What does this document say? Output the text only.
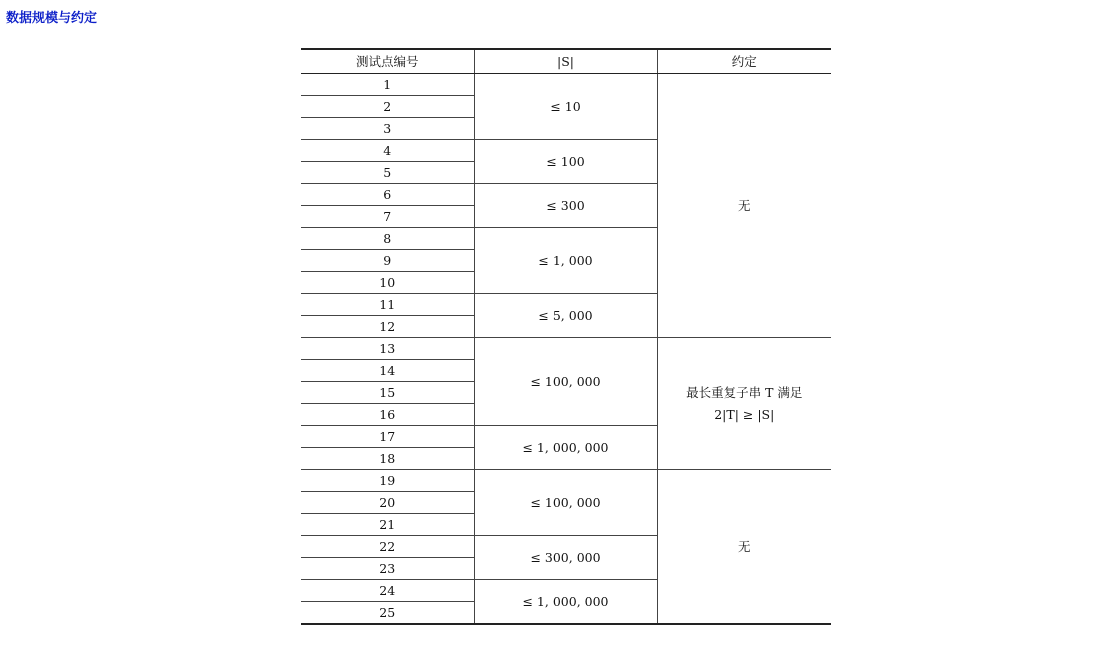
数据规模与约定
测试点编号	|S|	约定
1	≤ 10	无

2		
3		
4	≤ 100	
5		
6	≤ 300	
7		
8	≤ 1, 000	
9		
10		
11	≤ 5, 000	
12		
13	≤ 100, 000	最长重复子串 T 满足
2|T| ≥ |S|

14		
15		
16		
17	≤ 1, 000, 000	
18		
19	≤ 100, 000	无

20		
21		
22	≤ 300, 000	
23		
24	≤ 1, 000, 000	
25		
